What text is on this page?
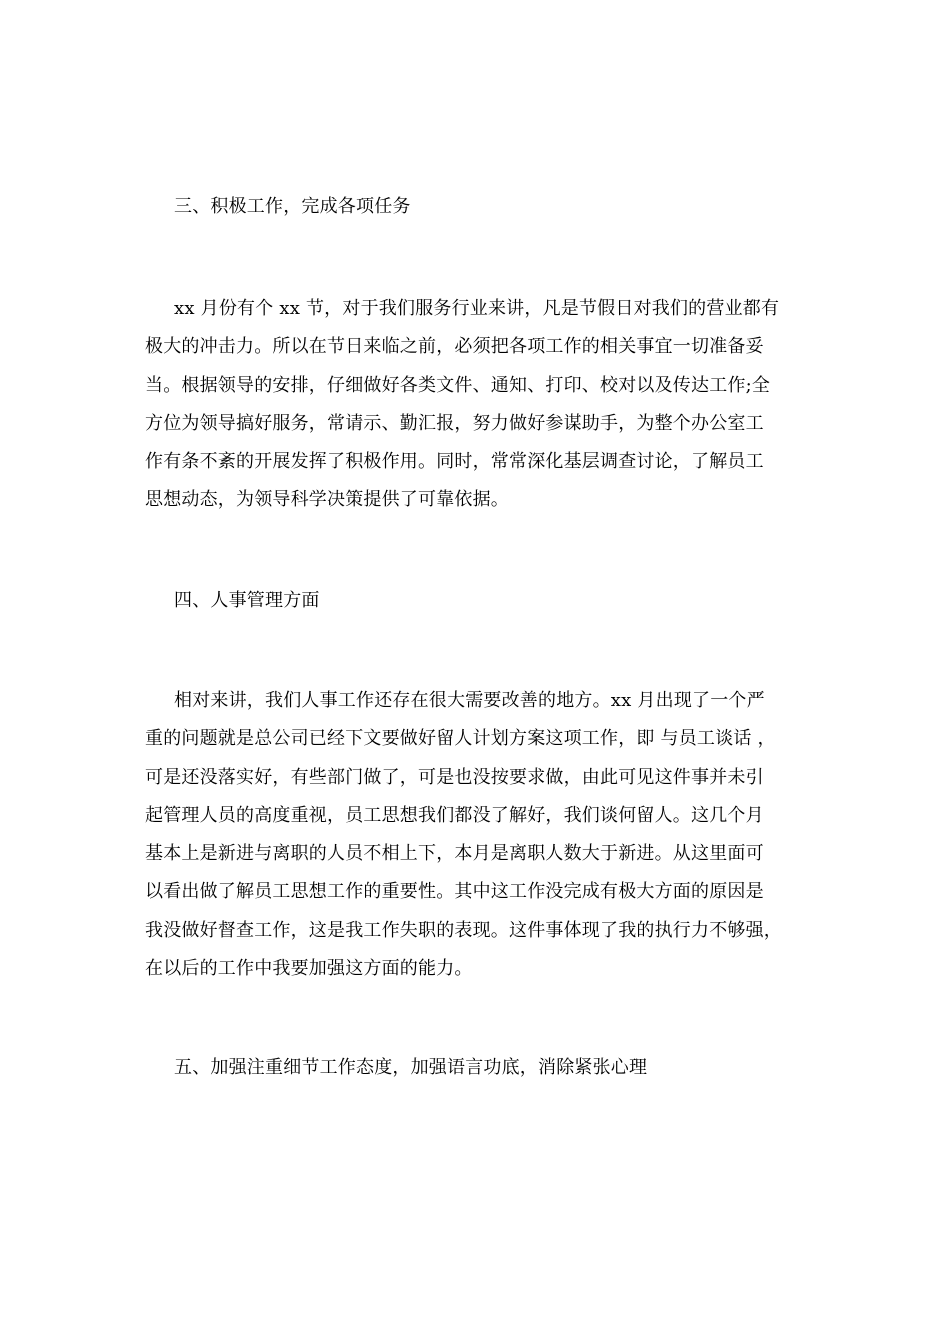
三、积极工作，完成各项任务
xx 月份有个 xx 节，对于我们服务行业来讲，凡是节假日对我们的营业都有
极大的冲击力。所以在节日来临之前，必须把各项工作的相关事宜一切准备妥
当。根据领导的安排，仔细做好各类文件、通知、打印、校对以及传达工作;全
方位为领导搞好服务，常请示、勤汇报，努力做好参谋助手，为整个办公室工
作有条不紊的开展发挥了积极作用。同时，常常深化基层调查讨论，了解员工
思想动态，为领导科学决策提供了可靠依据。
四、人事管理方面
相对来讲，我们人事工作还存在很大需要改善的地方。xx 月出现了一个严
重的问题就是总公司已经下文要做好留人计划方案这项工作，即 与员工谈话 ，
可是还没落实好，有些部门做了，可是也没按要求做，由此可见这件事并未引
起管理人员的高度重视，员工思想我们都没了解好，我们谈何留人。这几个月
基本上是新进与离职的人员不相上下，本月是离职人数大于新进。从这里面可
以看出做了解员工思想工作的重要性。其中这工作没完成有极大方面的原因是
我没做好督查工作，这是我工作失职的表现。这件事体现了我的执行力不够强，
在以后的工作中我要加强这方面的能力。
五、加强注重细节工作态度，加强语言功底，消除紧张心理
